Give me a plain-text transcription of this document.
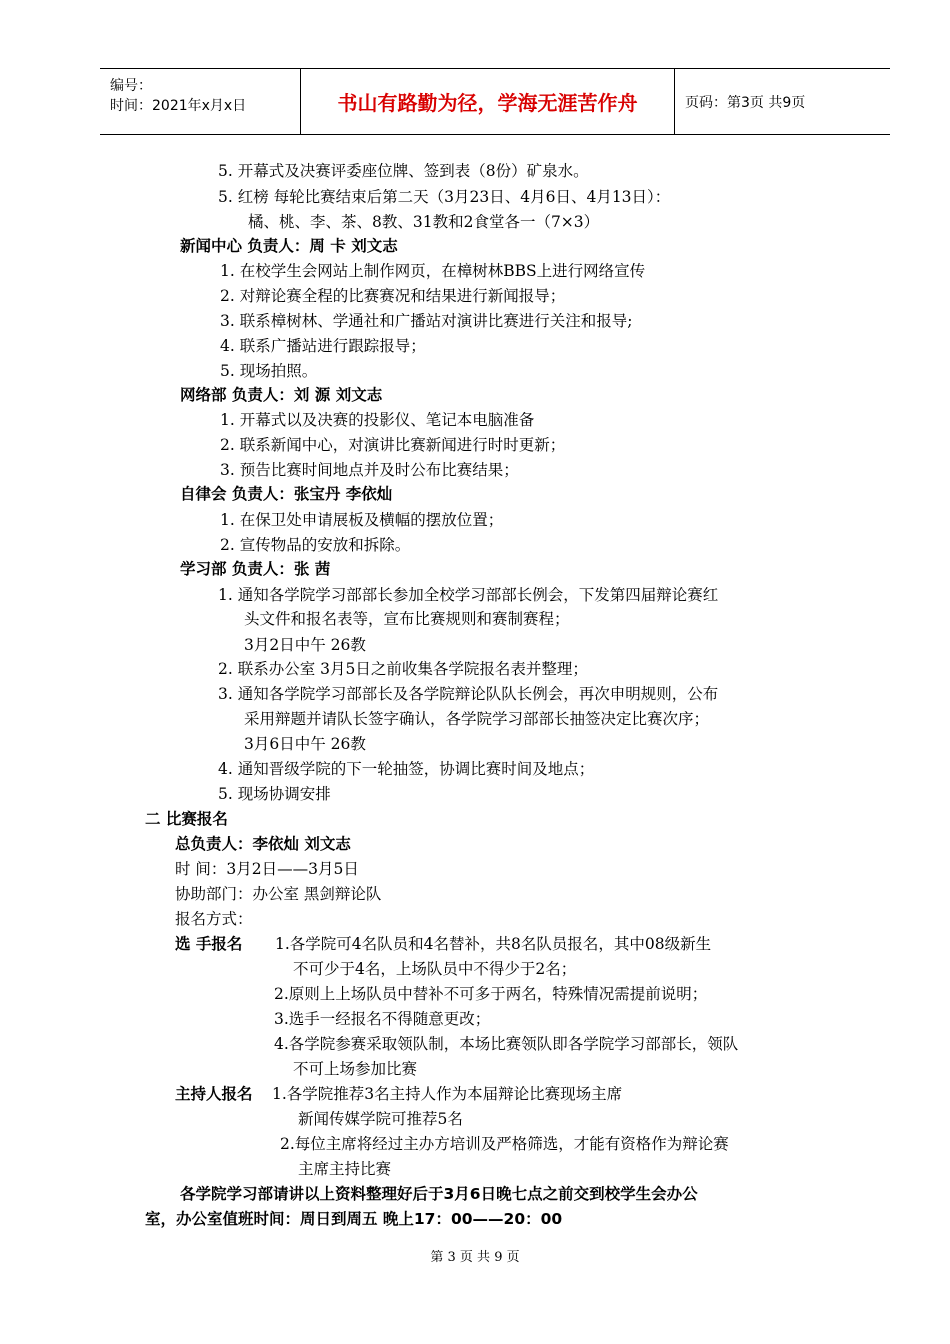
编号：
时间：2021年x月x日	书山有路勤为径，学海无涯苦作舟	页码：第3页 共9页
5. 开幕式及决赛评委座位牌、签到表（8份）矿泉水。
5. 红榜 每轮比赛结束后第二天（3月23日、4月6日、4月13日）：
橘、桃、李、茶、8教、31教和2食堂各一（7×3）
新闻中心 负责人：周 卡 刘文志
1. 在校学生会网站上制作网页，在樟树林BBS上进行网络宣传
2. 对辩论赛全程的比赛赛况和结果进行新闻报导；
3. 联系樟树林、学通社和广播站对演讲比赛进行关注和报导;
4. 联系广播站进行跟踪报导；
5. 现场拍照。
网络部 负责人：刘 源 刘文志
1. 开幕式以及决赛的投影仪、笔记本电脑准备
2. 联系新闻中心，对演讲比赛新闻进行时时更新；
3. 预告比赛时间地点并及时公布比赛结果；
自律会 负责人：张宝丹 李依灿
1. 在保卫处申请展板及横幅的摆放位置；
2. 宣传物品的安放和拆除。
学习部 负责人：张 茜
1. 通知各学院学习部部长参加全校学习部部长例会，下发第四届辩论赛红
头文件和报名表等，宣布比赛规则和赛制赛程；
3月2日中午 26教
2. 联系办公室 3月5日之前收集各学院报名表并整理；
3. 通知各学院学习部部长及各学院辩论队队长例会，再次申明规则，公布
采用辩题并请队长签字确认，各学院学习部部长抽签决定比赛次序；
3月6日中午 26教
4. 通知晋级学院的下一轮抽签，协调比赛时间及地点；
5. 现场协调安排
二 比赛报名
总负责人：李依灿 刘文志
时 间：3月2日——3月5日
协助部门：办公室 黑剑辩论队
报名方式：
选 手报名 1.各学院可4名队员和4名替补，共8名队员报名，其中08级新生
不可少于4名，上场队员中不得少于2名；
2.原则上上场队员中替补不可多于两名，特殊情况需提前说明；
3.选手一经报名不得随意更改；
4.各学院参赛采取领队制，本场比赛领队即各学院学习部部长，领队
不可上场参加比赛
主持人报名 1.各学院推荐3名主持人作为本届辩论比赛现场主席
新闻传媒学院可推荐5名
2.每位主席将经过主办方培训及严格筛选，才能有资格作为辩论赛
主席主持比赛
各学院学习部请讲以上资料整理好后于3月6日晚七点之前交到校学生会办公
室，办公室值班时间：周日到周五 晚上17：00——20：00
第 3 页 共 9 页
